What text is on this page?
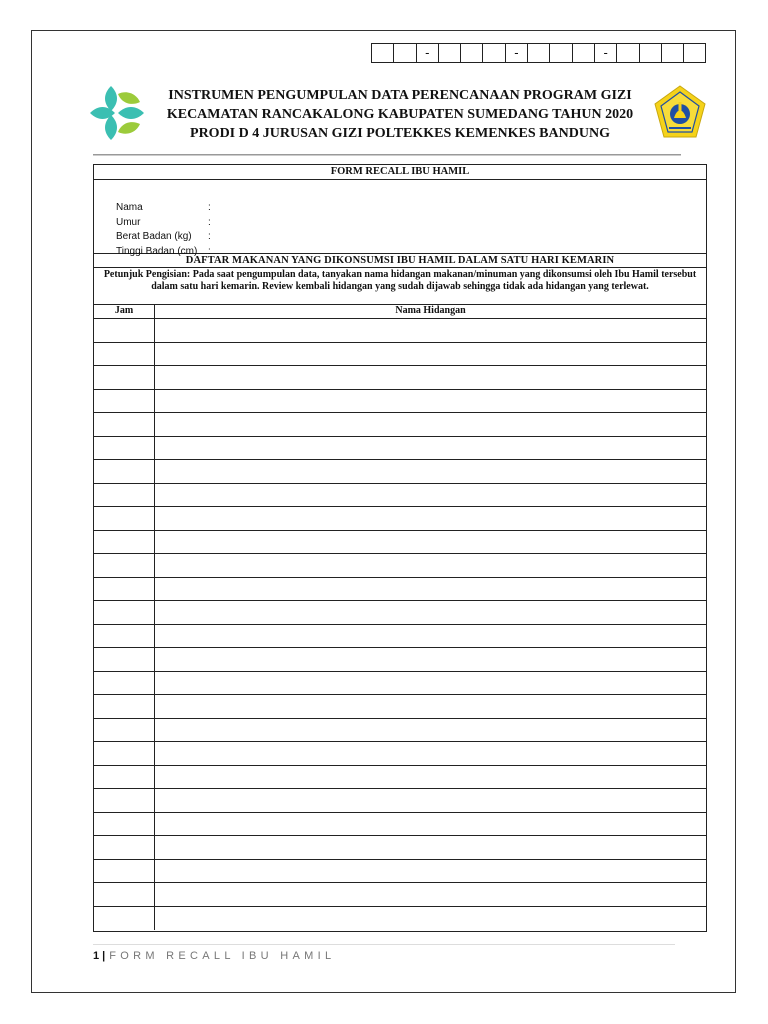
-	-	-
INSTRUMEN PENGUMPULAN DATA PERENCANAAN PROGRAM GIZI
KECAMATAN RANCAKALONG KABUPATEN SUMEDANG TAHUN 2020
PRODI D 4 JURUSAN GIZI POLTEKKES KEMENKES BANDUNG
FORM RECALL IBU HAMIL
Nama	:
Umur	:
Berat Badan (kg)	:
Tinggi Badan (cm)	:
DAFTAR MAKANAN YANG DIKONSUMSI IBU HAMIL DALAM SATU HARI KEMARIN
Petunjuk Pengisian: Pada saat pengumpulan data, tanyakan nama hidangan makanan/minuman yang dikonsumsi oleh Ibu Hamil tersebut dalam satu hari kemarin. Review kembali hidangan yang sudah dijawab sehingga tidak ada hidangan yang terlewat.
Jam	Nama Hidangan
1 | FORM RECALL IBU HAMIL
